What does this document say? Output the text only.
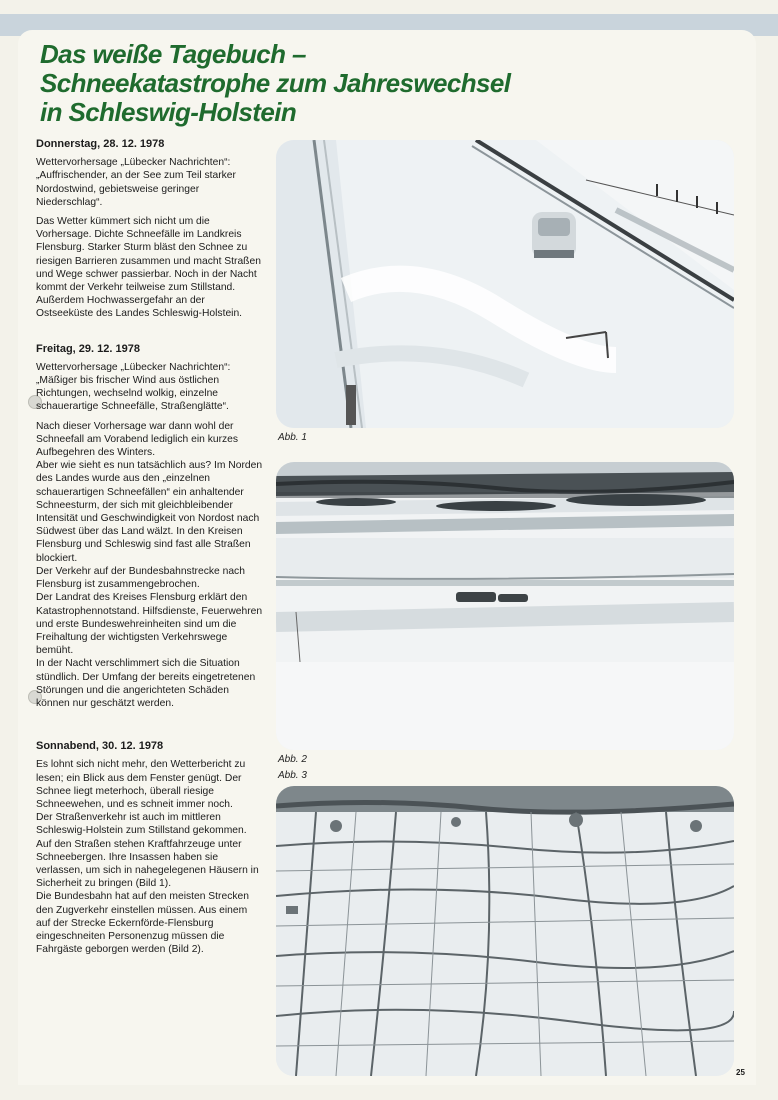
Das weiße Tagebuch –
Schneekatastrophe zum Jahreswechsel
in Schleswig-Holstein
Donnerstag, 28. 12. 1978
Wettervorhersage „Lübecker Nachrichten“:
„Auffrischender, an der See zum Teil starker Nordostwind, gebietsweise geringer Niederschlag“.
Das Wetter kümmert sich nicht um die Vorhersage. Dichte Schneefälle im Landkreis Flensburg. Starker Sturm bläst den Schnee zu riesigen Barrieren zusammen und macht Straßen und Wege schwer passierbar. Noch in der Nacht kommt der Verkehr teilweise zum Stillstand. Außerdem Hochwassergefahr an der Ostseeküste des Landes Schleswig-Holstein.
Freitag, 29. 12. 1978
Wettervorhersage „Lübecker Nachrichten“:
„Mäßiger bis frischer Wind aus östlichen Richtungen, wechselnd wolkig, einzelne schauerartige Schneefälle, Straßenglätte“.
Nach dieser Vorhersage war dann wohl der Schneefall am Vorabend lediglich ein kurzes Aufbegehren des Winters.
Aber wie sieht es nun tatsächlich aus? Im Norden des Landes wurde aus den „einzelnen schauerartigen Schneefällen“ ein anhaltender Schneesturm, der sich mit gleichbleibender Intensität und Geschwindigkeit von Nordost nach Südwest über das Land wälzt. In den Kreisen Flensburg und Schleswig sind fast alle Straßen blockiert.
Der Verkehr auf der Bundesbahnstrecke nach Flensburg ist zusammengebrochen.
Der Landrat des Kreises Flensburg erklärt den Katastrophennotstand. Hilfsdienste, Feuerwehren und erste Bundeswehreinheiten sind um die Freihaltung der wichtigsten Verkehrswege bemüht.
In der Nacht verschlimmert sich die Situation stündlich. Der Umfang der bereits eingetretenen Störungen und die angerichteten Schäden können nur geschätzt werden.
Sonnabend, 30. 12. 1978
Es lohnt sich nicht mehr, den Wetterbericht zu lesen; ein Blick aus dem Fenster genügt. Der Schnee liegt meterhoch, überall riesige Schneewehen, und es schneit immer noch.
Der Straßenverkehr ist auch im mittleren Schleswig-Holstein zum Stillstand gekommen. Auf den Straßen stehen Kraftfahrzeuge unter Schneebergen. Ihre Insassen haben sie verlassen, um sich in nahegelegenen Häusern in Sicherheit zu bringen (Bild 1).
Die Bundesbahn hat auf den meisten Strecken den Zugverkehr einstellen müssen. Aus einem auf der Strecke Eckernförde-Flensburg eingeschneiten Personenzug müssen die Fahrgäste geborgen werden (Bild 2).
Abb. 1
Abb. 2
Abb. 3
25
